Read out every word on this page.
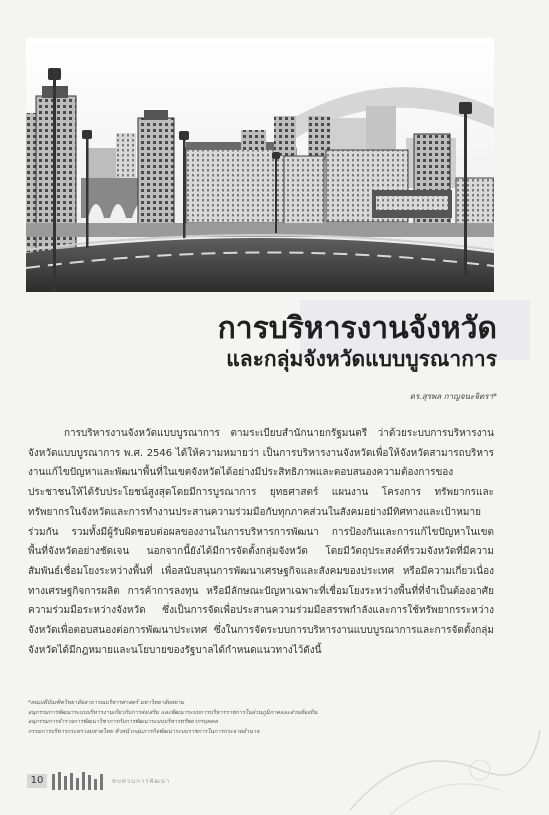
การบริหารงานจังหวัด
และกลุ่มจังหวัดแบบบูรณาการ
ดร.สุรพล กาญจนะจิตรา*
การบริหารงานจังหวัดแบบบูรณาการ ตามระเบียบสำนักนายกรัฐมนตรี ว่าด้วยระบบการบริหารงานจังหวัดแบบบูรณาการ พ.ศ. 2546 ได้ให้ความหมายว่า เป็นการบริหารงานจังหวัดเพื่อให้จังหวัดสามารถบริหารงานแก้ไขปัญหาและพัฒนาพื้นที่ในเขตจังหวัดได้อย่างมีประสิทธิภาพและตอบสนองความต้องการของประชาชนให้ได้รับประโยชน์สูงสุดโดยมีการบูรณาการ ยุทธศาสตร์ แผนงาน โครงการ ทรัพยากรและทรัพยากรในจังหวัดและการทำงานประสานความร่วมมือกับทุกภาคส่วนในสังคมอย่างมีทิศทางและเป้าหมายร่วมกัน รวมทั้งมีผู้รับผิดชอบต่อผลของงานในการบริหารการพัฒนา การป้องกันและการแก้ไขปัญหาในเขตพื้นที่จังหวัดอย่างชัดเจน นอกจากนี้ยังได้มีการจัดตั้งกลุ่มจังหวัด โดยมีวัตถุประสงค์ที่รวมจังหวัดที่มีความสัมพันธ์เชื่อมโยงระหว่างพื้นที่ เพื่อสนับสนุนการพัฒนาเศรษฐกิจและสังคมของประเทศ หรือมีความเกี่ยวเนื่องทางเศรษฐกิจการผลิต การค้าการลงทุน หรือมีลักษณะปัญหาเฉพาะที่เชื่อมโยงระหว่างพื้นที่ที่จำเป็นต้องอาศัยความร่วมมือระหว่างจังหวัด ซึ่งเป็นการจัดเพื่อประสานความร่วมมือสรรพกำลังและการใช้ทรัพยากรระหว่างจังหวัดเพื่อตอบสนองต่อการพัฒนาประเทศ ซึ่งในการจัดระบบการบริหารงานแบบบูรณาการและการจัดตั้งกลุ่มจังหวัดได้มีกฎหมายและนโยบายของรัฐบาลได้กำหนดแนวทางไว้ดังนี้
*คณบดีบัณฑิตวิทยาลัยสาธารณบริหารศาสตร์ มหาวิทยาลัยสยาม
อนุกรรมการพัฒนาระบบบริหารงานเกี่ยวกับการส่งเสริม และพัฒนาระบบการบริหารราชการในส่วนภูมิภาคและส่วนท้องถิ่น
อนุกรรมการจำรวจการพัฒนาวิชาการกับการพัฒนาระบบบริหารทรัพยากรบุคคล
กรรมการบริหารกระทรวงมหาดไทย หัวหน้ากลุ่มภารกิจพัฒนาระบบราชการในการกระจายอำนาจ
10	ทบทวนการพัฒนา
